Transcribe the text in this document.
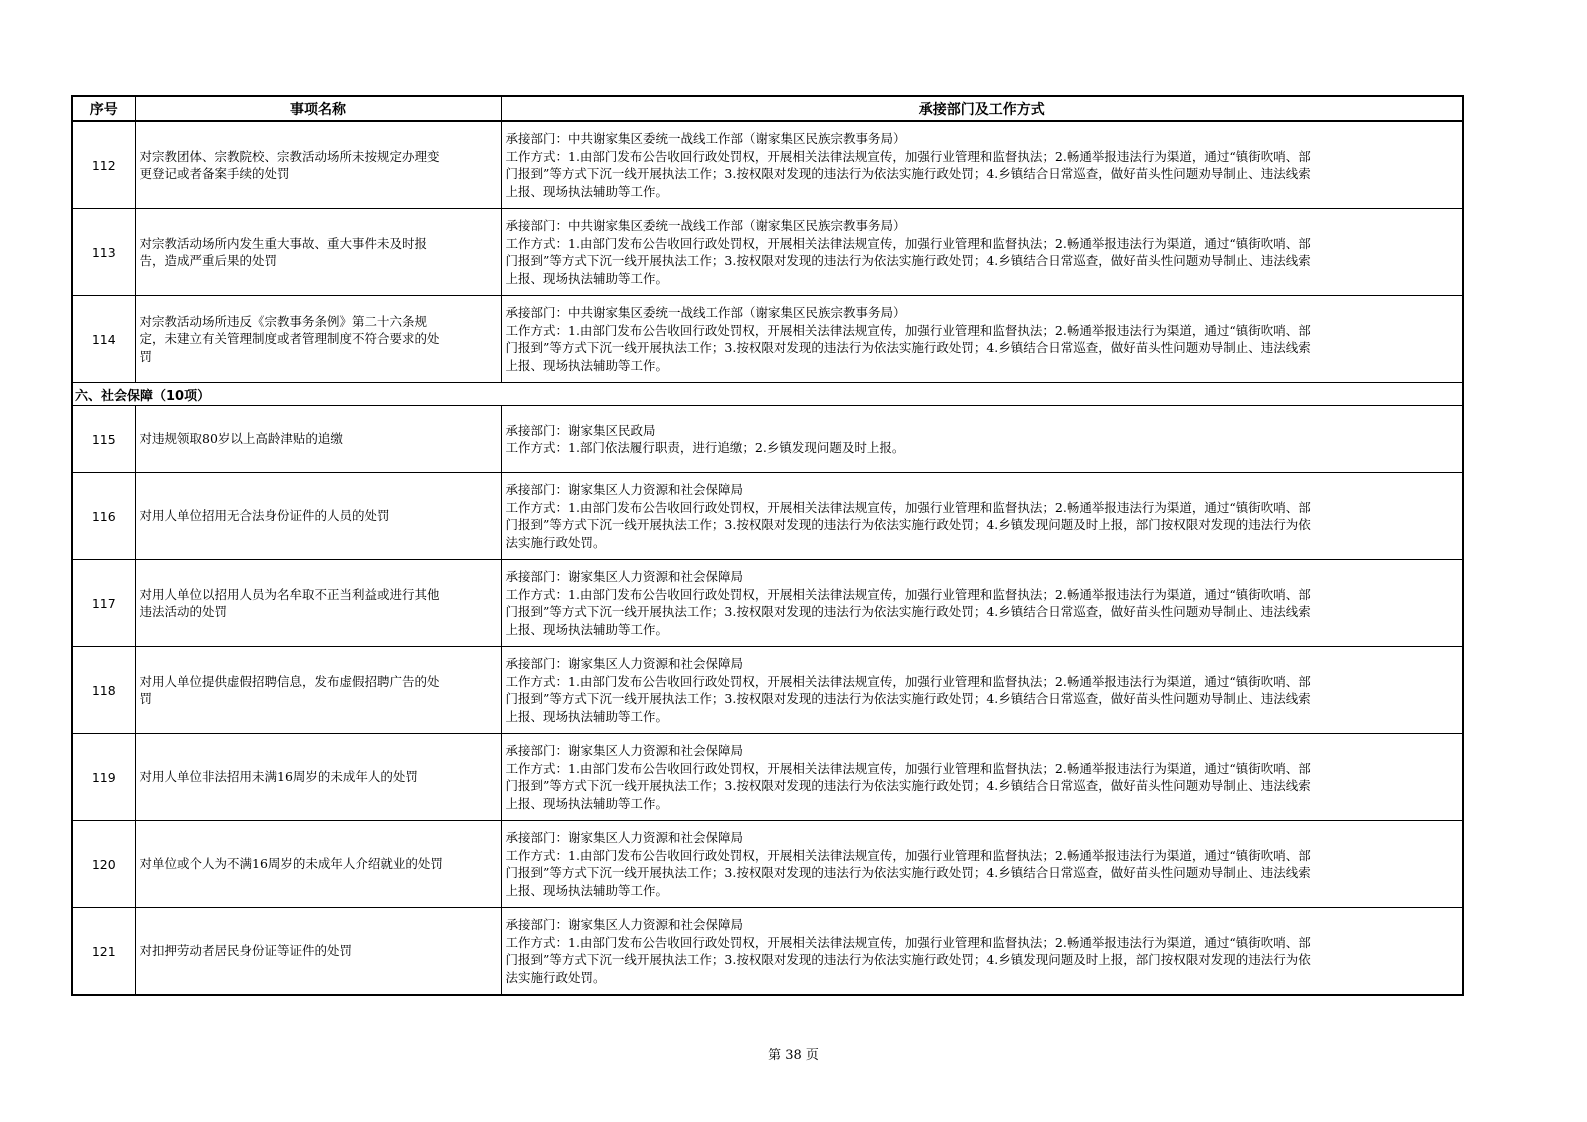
序号	事项名称	承接部门及工作方式
112	对宗教团体、宗教院校、宗教活动场所未按规定办理变
更登记或者备案手续的处罚	承接部门：中共谢家集区委统一战线工作部（谢家集区民族宗教事务局）
工作方式：1.由部门发布公告收回行政处罚权，开展相关法律法规宣传，加强行业管理和监督执法；2.畅通举报违法行为渠道，通过“镇街吹哨、部
门报到”等方式下沉一线开展执法工作；3.按权限对发现的违法行为依法实施行政处罚；4.乡镇结合日常巡查，做好苗头性问题劝导制止、违法线索
上报、现场执法辅助等工作。

113	对宗教活动场所内发生重大事故、重大事件未及时报
告，造成严重后果的处罚	承接部门：中共谢家集区委统一战线工作部（谢家集区民族宗教事务局）
工作方式：1.由部门发布公告收回行政处罚权，开展相关法律法规宣传，加强行业管理和监督执法；2.畅通举报违法行为渠道，通过“镇街吹哨、部
门报到”等方式下沉一线开展执法工作；3.按权限对发现的违法行为依法实施行政处罚；4.乡镇结合日常巡查，做好苗头性问题劝导制止、违法线索
上报、现场执法辅助等工作。

114	对宗教活动场所违反《宗教事务条例》第二十六条规
定，未建立有关管理制度或者管理制度不符合要求的处
罚	承接部门：中共谢家集区委统一战线工作部（谢家集区民族宗教事务局）
工作方式：1.由部门发布公告收回行政处罚权，开展相关法律法规宣传，加强行业管理和监督执法；2.畅通举报违法行为渠道，通过“镇街吹哨、部
门报到”等方式下沉一线开展执法工作；3.按权限对发现的违法行为依法实施行政处罚；4.乡镇结合日常巡查，做好苗头性问题劝导制止、违法线索
上报、现场执法辅助等工作。

六、社会保障（10项）		
115	对违规领取80岁以上高龄津贴的追缴	承接部门：谢家集区民政局
工作方式：1.部门依法履行职责，进行追缴；2.乡镇发现问题及时上报。

116	对用人单位招用无合法身份证件的人员的处罚	承接部门：谢家集区人力资源和社会保障局
工作方式：1.由部门发布公告收回行政处罚权，开展相关法律法规宣传，加强行业管理和监督执法；2.畅通举报违法行为渠道，通过“镇街吹哨、部
门报到”等方式下沉一线开展执法工作；3.按权限对发现的违法行为依法实施行政处罚；4.乡镇发现问题及时上报，部门按权限对发现的违法行为依
法实施行政处罚。

117	对用人单位以招用人员为名牟取不正当利益或进行其他
违法活动的处罚	承接部门：谢家集区人力资源和社会保障局
工作方式：1.由部门发布公告收回行政处罚权，开展相关法律法规宣传，加强行业管理和监督执法；2.畅通举报违法行为渠道，通过“镇街吹哨、部
门报到”等方式下沉一线开展执法工作；3.按权限对发现的违法行为依法实施行政处罚；4.乡镇结合日常巡查，做好苗头性问题劝导制止、违法线索
上报、现场执法辅助等工作。

118	对用人单位提供虚假招聘信息，发布虚假招聘广告的处
罚	承接部门：谢家集区人力资源和社会保障局
工作方式：1.由部门发布公告收回行政处罚权，开展相关法律法规宣传，加强行业管理和监督执法；2.畅通举报违法行为渠道，通过“镇街吹哨、部
门报到”等方式下沉一线开展执法工作；3.按权限对发现的违法行为依法实施行政处罚；4.乡镇结合日常巡查，做好苗头性问题劝导制止、违法线索
上报、现场执法辅助等工作。

119	对用人单位非法招用未满16周岁的未成年人的处罚	承接部门：谢家集区人力资源和社会保障局
工作方式：1.由部门发布公告收回行政处罚权，开展相关法律法规宣传，加强行业管理和监督执法；2.畅通举报违法行为渠道，通过“镇街吹哨、部
门报到”等方式下沉一线开展执法工作；3.按权限对发现的违法行为依法实施行政处罚；4.乡镇结合日常巡查，做好苗头性问题劝导制止、违法线索
上报、现场执法辅助等工作。

120	对单位或个人为不满16周岁的未成年人介绍就业的处罚	承接部门：谢家集区人力资源和社会保障局
工作方式：1.由部门发布公告收回行政处罚权，开展相关法律法规宣传，加强行业管理和监督执法；2.畅通举报违法行为渠道，通过“镇街吹哨、部
门报到”等方式下沉一线开展执法工作；3.按权限对发现的违法行为依法实施行政处罚；4.乡镇结合日常巡查，做好苗头性问题劝导制止、违法线索
上报、现场执法辅助等工作。

121	对扣押劳动者居民身份证等证件的处罚	承接部门：谢家集区人力资源和社会保障局
工作方式：1.由部门发布公告收回行政处罚权，开展相关法律法规宣传，加强行业管理和监督执法；2.畅通举报违法行为渠道，通过“镇街吹哨、部
门报到”等方式下沉一线开展执法工作；3.按权限对发现的违法行为依法实施行政处罚；4.乡镇发现问题及时上报，部门按权限对发现的违法行为依
法实施行政处罚。
第 38 页
